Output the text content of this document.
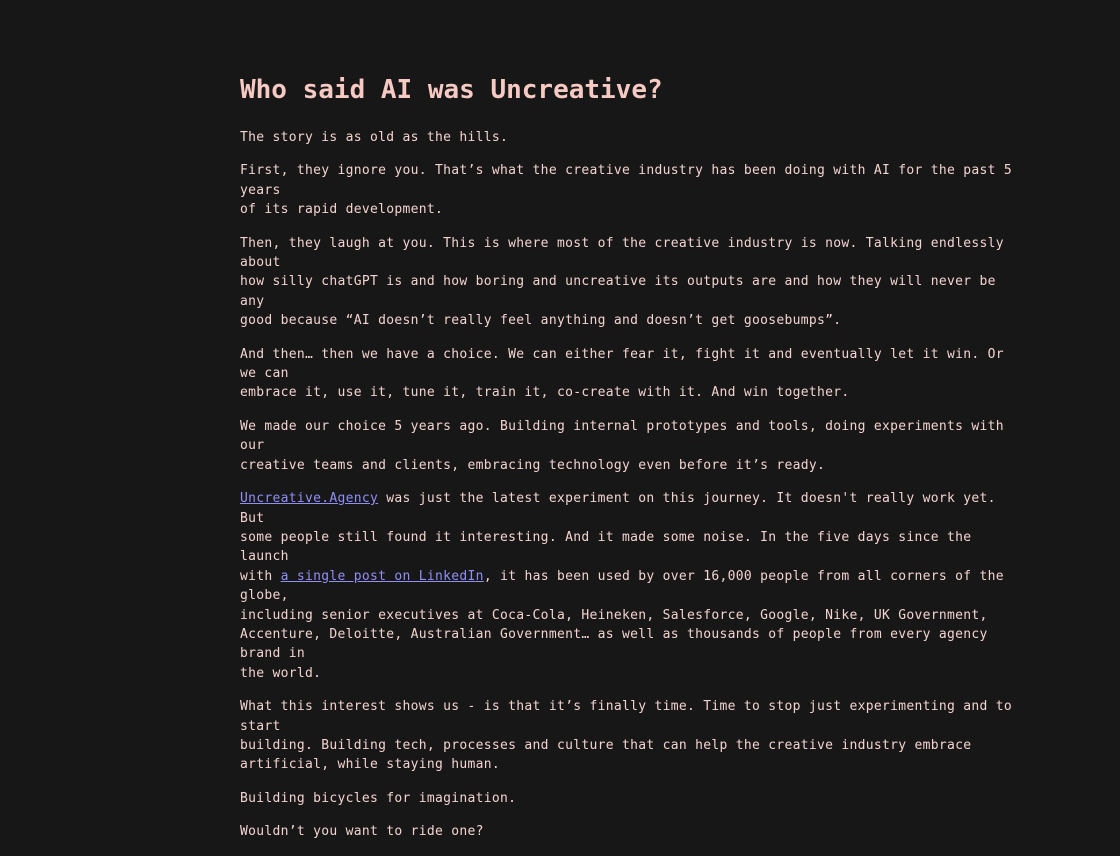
Who said AI was Uncreative?

The story is as old as the hills.

First, they ignore you. That’s what the creative industry has been doing with AI for the past 5 years
of its rapid development.

Then, they laugh at you. This is where most of the creative industry is now. Talking endlessly about
how silly chatGPT is and how boring and uncreative its outputs are and how they will never be any
good because “AI doesn’t really feel anything and doesn’t get goosebumps”.

And then… then we have a choice. We can either fear it, fight it and eventually let it win. Or we can
embrace it, use it, tune it, train it, co-create with it. And win together.

We made our choice 5 years ago. Building internal prototypes and tools, doing experiments with our
creative teams and clients, embracing technology even before it’s ready.

Uncreative.Agency was just the latest experiment on this journey. It doesn't really work yet. But
some people still found it interesting. And it made some noise. In the five days since the launch
with a single post on LinkedIn, it has been used by over 16,000 people from all corners of the globe,
including senior executives at Coca-Cola, Heineken, Salesforce, Google, Nike, UK Government,
Accenture, Deloitte, Australian Government… as well as thousands of people from every agency brand in
the world.

What this interest shows us - is that it’s finally time. Time to stop just experimenting and to start
building. Building tech, processes and culture that can help the creative industry embrace
artificial, while staying human.

Building bicycles for imagination.

Wouldn’t you want to ride one?
